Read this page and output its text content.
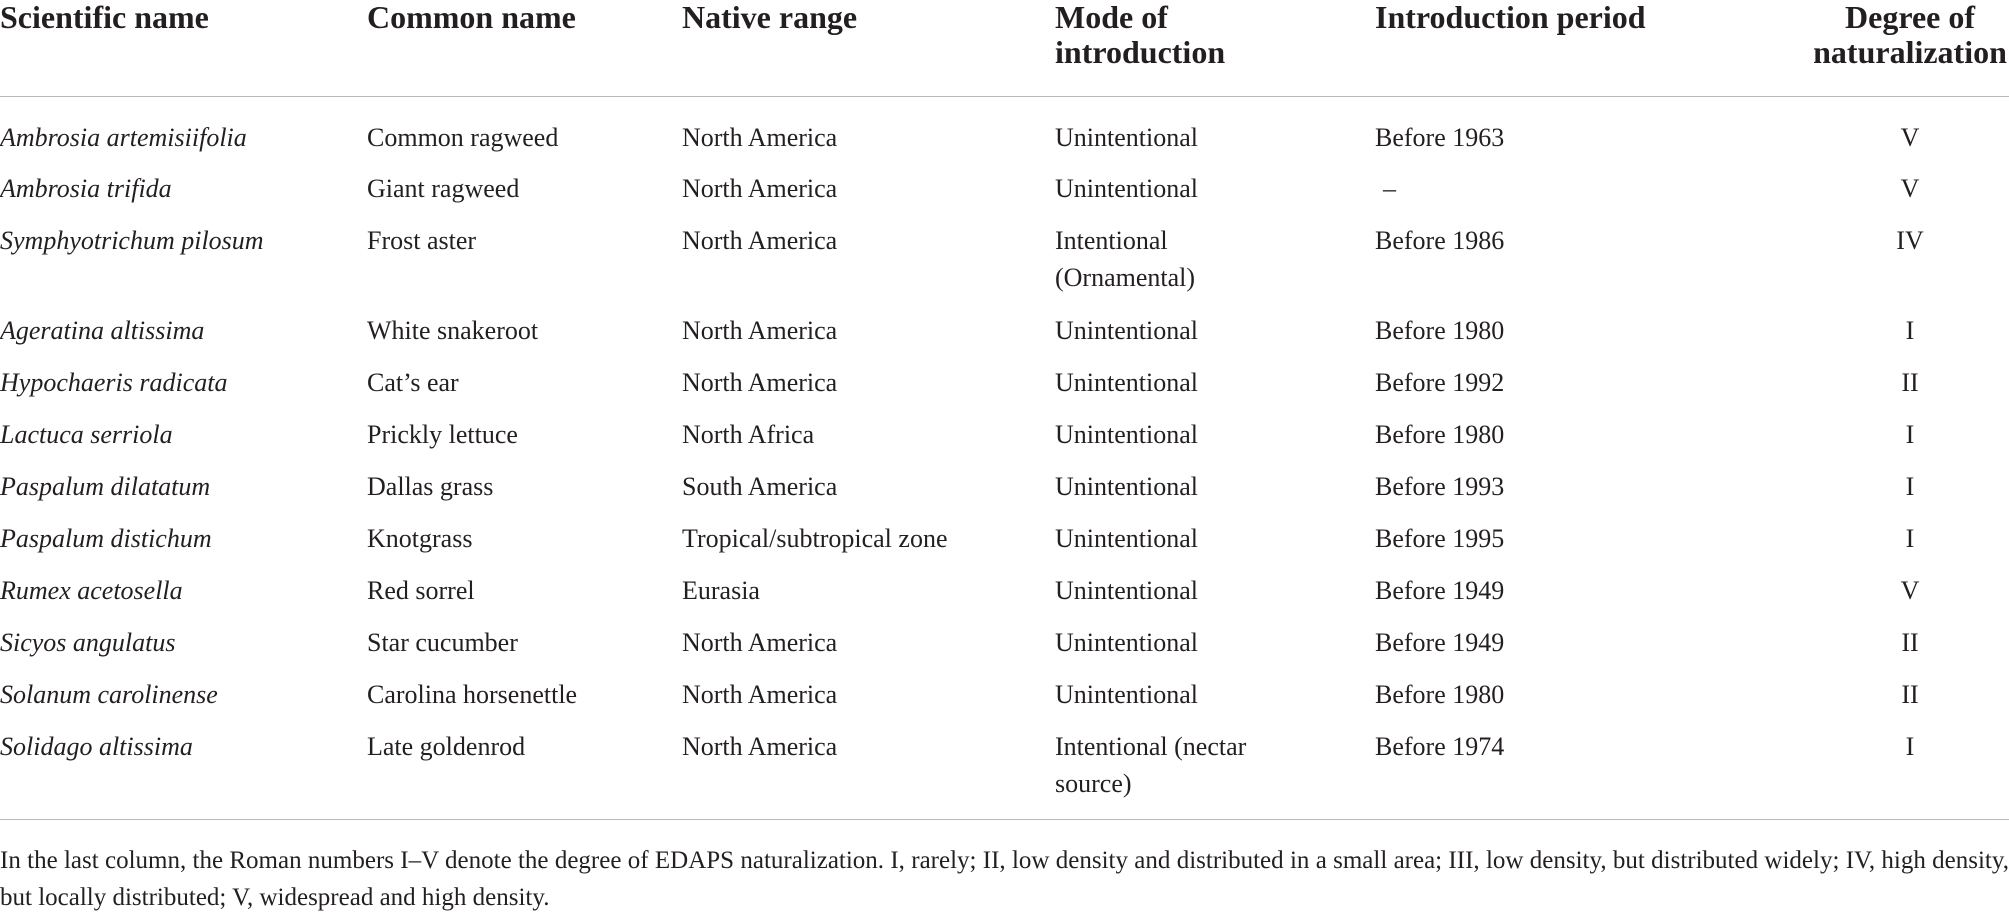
Scientific name	Common name	Native range	Mode of introduction	Introduction period	Degree of naturalization
Ambrosia artemisiifolia	Common ragweed	North America	Unintentional	Before 1963	V
Ambrosia trifida	Giant ragweed	North America	Unintentional	–	V
Symphyotrichum pilosum	Frost aster	North America	Intentional (Ornamental)	Before 1986	IV
Ageratina altissima	White snakeroot	North America	Unintentional	Before 1980	I
Hypochaeris radicata	Cat’s ear	North America	Unintentional	Before 1992	II
Lactuca serriola	Prickly lettuce	North Africa	Unintentional	Before 1980	I
Paspalum dilatatum	Dallas grass	South America	Unintentional	Before 1993	I
Paspalum distichum	Knotgrass	Tropical/subtropical zone	Unintentional	Before 1995	I
Rumex acetosella	Red sorrel	Eurasia	Unintentional	Before 1949	V
Sicyos angulatus	Star cucumber	North America	Unintentional	Before 1949	II
Solanum carolinense	Carolina horsenettle	North America	Unintentional	Before 1980	II
Solidago altissima	Late goldenrod	North America	Intentional (nectar source)	Before 1974	I
In the last column, the Roman numbers I–V denote the degree of EDAPS naturalization. I, rarely; II, low density and distributed in a small area; III, low density, but distributed widely; IV, high density, but locally distributed; V, widespread and high density.
